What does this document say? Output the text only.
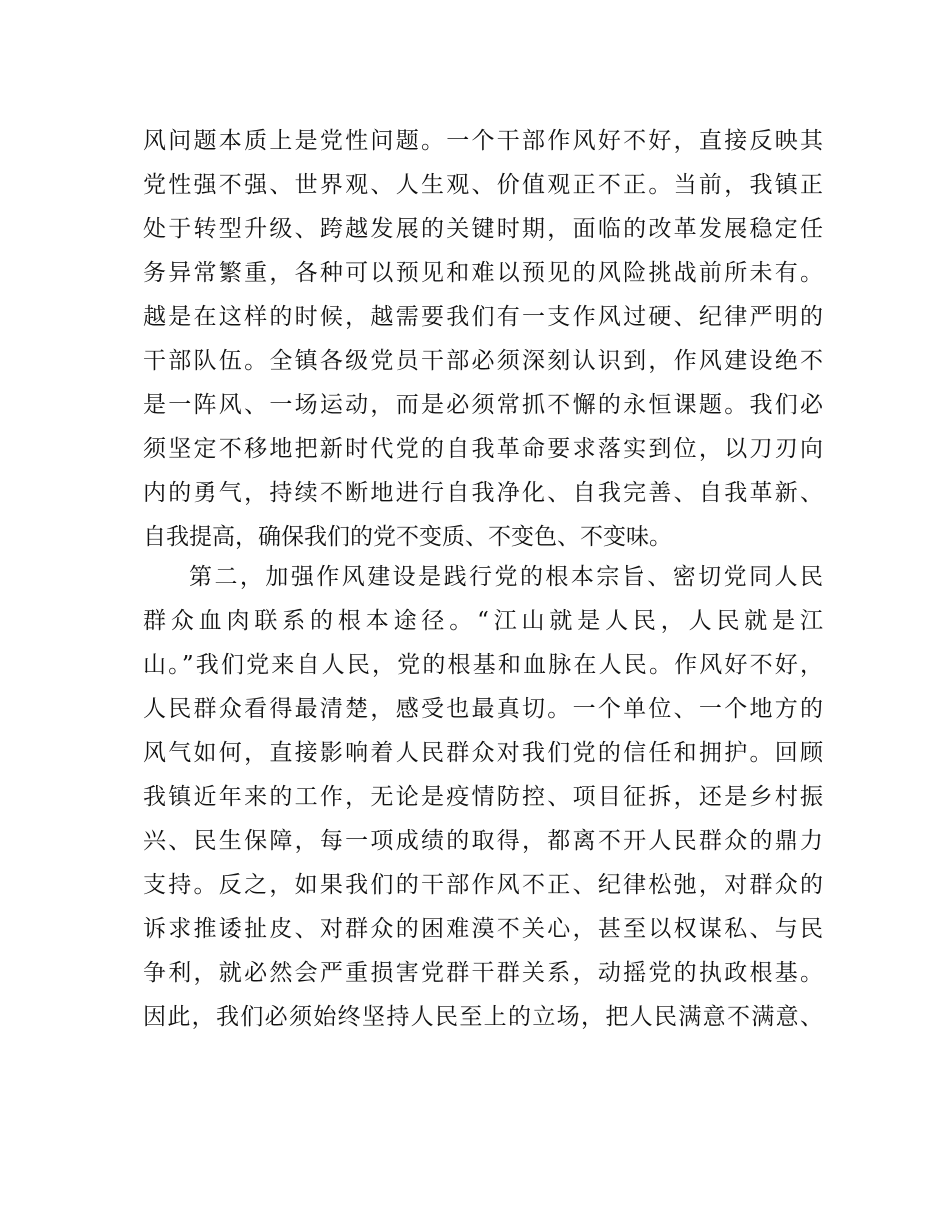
风问题本质上是党性问题。一个干部作风好不好，直接反映其
党性强不强、世界观、人生观、价值观正不正。当前，我镇正
处于转型升级、跨越发展的关键时期，面临的改革发展稳定任
务异常繁重，各种可以预见和难以预见的风险挑战前所未有。
越是在这样的时候，越需要我们有一支作风过硬、纪律严明的
干部队伍。全镇各级党员干部必须深刻认识到，作风建设绝不
是一阵风、一场运动，而是必须常抓不懈的永恒课题。我们必
须坚定不移地把新时代党的自我革命要求落实到位，以刀刃向
内的勇气，持续不断地进行自我净化、自我完善、自我革新、
自我提高，确保我们的党不变质、不变色、不变味。
第二，加强作风建设是践行党的根本宗旨、密切党同人民
群众血肉联系的根本途径。“江山就是人民，人民就是江
山。”我们党来自人民，党的根基和血脉在人民。作风好不好，
人民群众看得最清楚，感受也最真切。一个单位、一个地方的
风气如何，直接影响着人民群众对我们党的信任和拥护。回顾
我镇近年来的工作，无论是疫情防控、项目征拆，还是乡村振
兴、民生保障，每一项成绩的取得，都离不开人民群众的鼎力
支持。反之，如果我们的干部作风不正、纪律松弛，对群众的
诉求推诿扯皮、对群众的困难漠不关心，甚至以权谋私、与民
争利，就必然会严重损害党群干群关系，动摇党的执政根基。
因此，我们必须始终坚持人民至上的立场，把人民满意不满意、
